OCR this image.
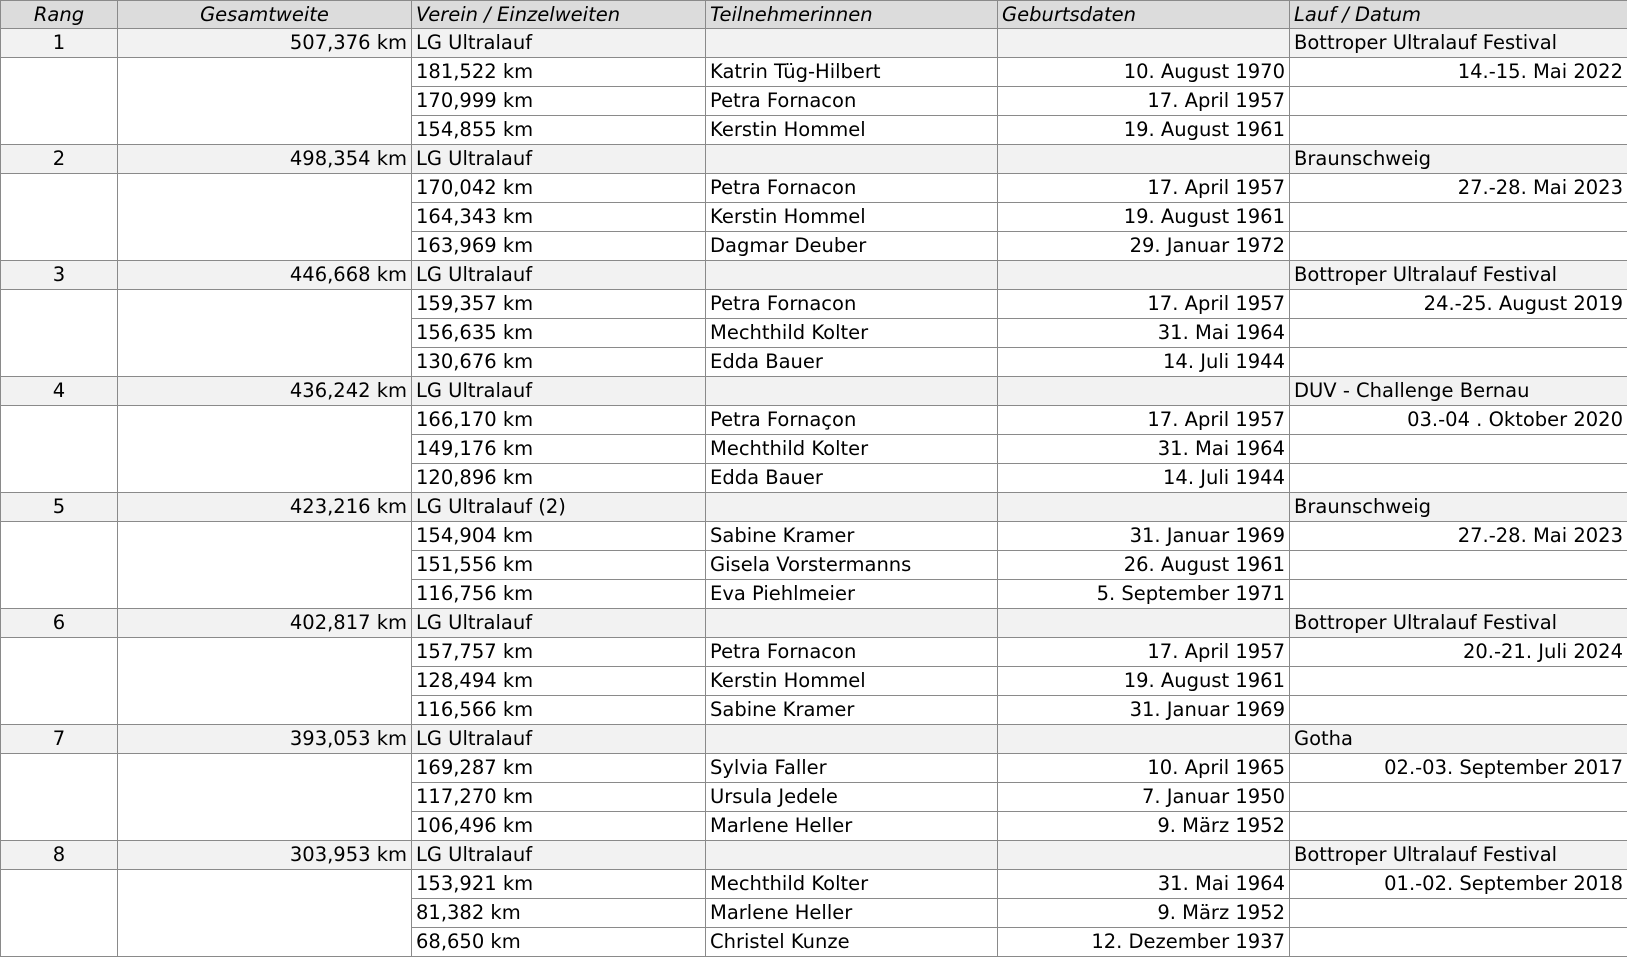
Rang	Gesamtweite	Verein / Einzelweiten	Teilnehmerinnen	Geburtsdaten	Lauf / Datum
1	507,376 km	LG Ultralauf			Bottroper Ultralauf Festival
		181,522 km	Katrin Tüg-Hilbert	10. August 1970	14.-15. Mai 2022
		170,999 km	Petra Fornacon	17. April 1957	
		154,855 km	Kerstin Hommel	19. August 1961	
2	498,354 km	LG Ultralauf			Braunschweig
		170,042 km	Petra Fornacon	17. April 1957	27.-28. Mai 2023
		164,343 km	Kerstin Hommel	19. August 1961	
		163,969 km	Dagmar Deuber	29. Januar 1972	
3	446,668 km	LG Ultralauf			Bottroper Ultralauf Festival
		159,357 km	Petra Fornacon	17. April 1957	24.-25. August 2019
		156,635 km	Mechthild Kolter	31. Mai 1964	
		130,676 km	Edda Bauer	14. Juli 1944	
4	436,242 km	LG Ultralauf			DUV - Challenge Bernau
		166,170 km	Petra Fornaçon	17. April 1957	03.-04 . Oktober 2020
		149,176 km	Mechthild Kolter	31. Mai 1964	
		120,896 km	Edda Bauer	14. Juli 1944	
5	423,216 km	LG Ultralauf (2)			Braunschweig
		154,904 km	Sabine Kramer	31. Januar 1969	27.-28. Mai 2023
		151,556 km	Gisela Vorstermanns	26. August 1961	
		116,756 km	Eva Piehlmeier	5. September 1971	
6	402,817 km	LG Ultralauf			Bottroper Ultralauf Festival
		157,757 km	Petra Fornacon	17. April 1957	20.-21. Juli 2024
		128,494 km	Kerstin Hommel	19. August 1961	
		116,566 km	Sabine Kramer	31. Januar 1969	
7	393,053 km	LG Ultralauf			Gotha
		169,287 km	Sylvia Faller	10. April 1965	02.-03. September 2017
		117,270 km	Ursula Jedele	7. Januar 1950	
		106,496 km	Marlene Heller	9. März 1952	
8	303,953 km	LG Ultralauf			Bottroper Ultralauf Festival
		153,921 km	Mechthild Kolter	31. Mai 1964	01.-02. September 2018
		81,382 km	Marlene Heller	9. März 1952	
		68,650 km	Christel Kunze	12. Dezember 1937	
